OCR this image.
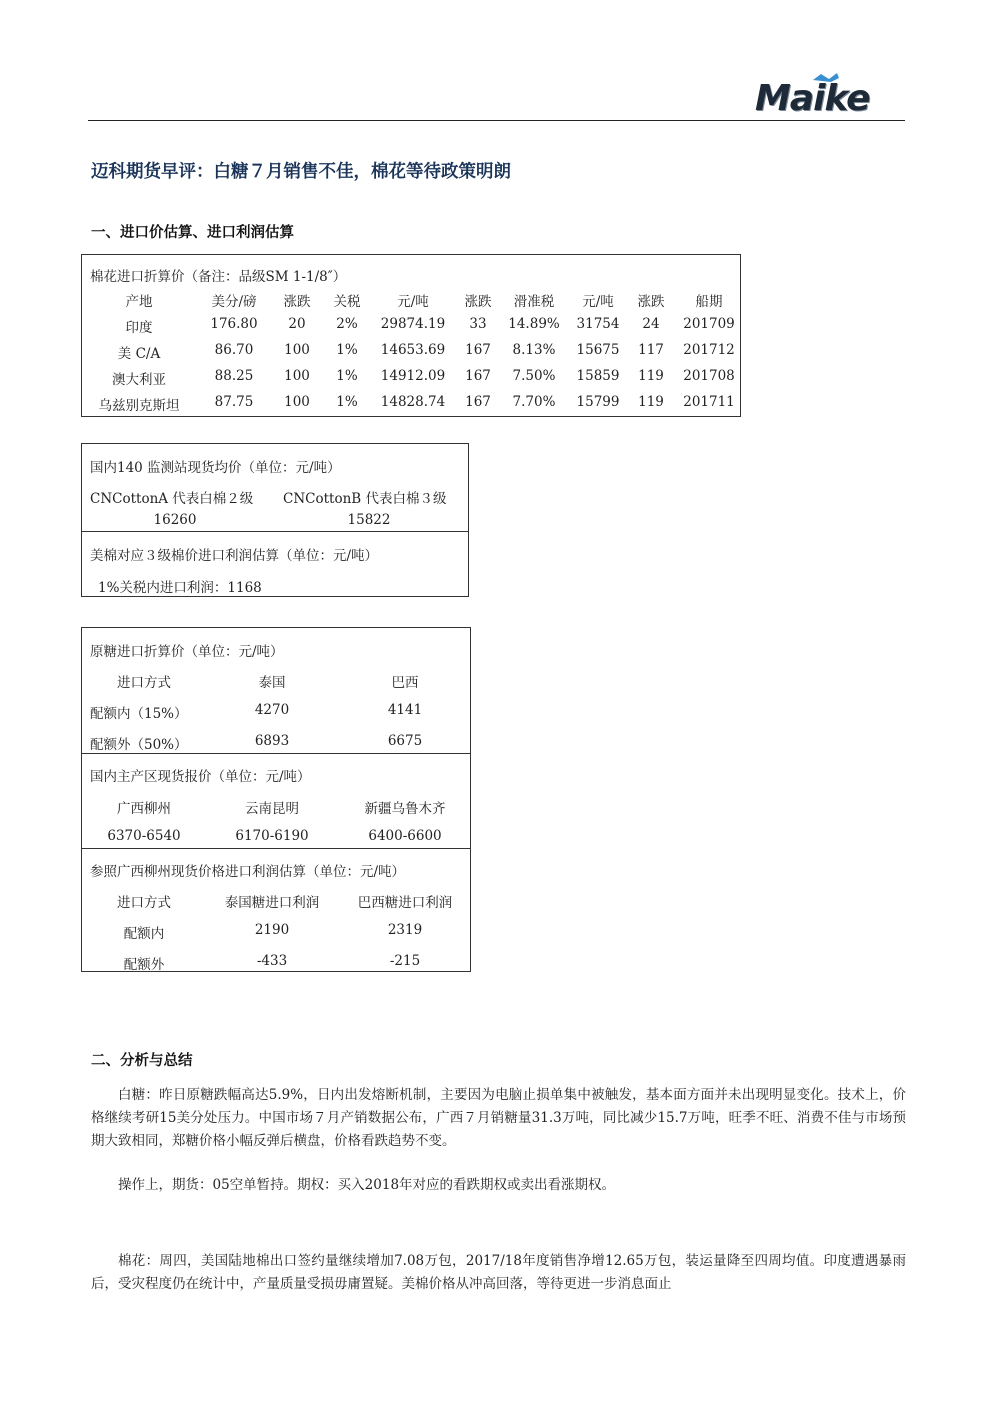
Maike
迈科期货早评：白糖７月销售不佳，棉花等待政策明朗
一、进口价估算、进口利润估算
棉花进口折算价（备注：品级SM 1-1/8″）
产地	美分/磅 涨跌 关税	元/吨	涨跌 滑准税 元/吨 涨跌 船期
印度	176.80 20 2% 29874.19 33 14.89% 31754 24 201709
美 C/A	86.70 100 1% 14653.69 167 8.13% 15675 117 201712
澳大利亚	88.25 100 1% 14912.09 167 7.50% 15859 119 201708
乌兹别克斯坦	87.75 100 1% 14828.74 167 7.70% 15799 119 201711
国内140 监测站现货均价（单位：元/吨）
CNCottonA 代表白棉２级 CNCottonB 代表白棉３级
16260	15822
美棉对应３级棉价进口利润估算（单位：元/吨）
1%关税内进口利润：1168
原糖进口折算价（单位：元/吨）
进口方式	泰国	巴西
配额内（15%）	4270	4141
配额外（50%）	6893	6675
国内主产区现货报价（单位：元/吨）
广西柳州	云南昆明	新疆乌鲁木齐
6370-6540	6170-6190	6400-6600
参照广西柳州现货价格进口利润估算（单位：元/吨）
进口方式	泰国糖进口利润	巴西糖进口利润
配额内	2190	2319
配额外	-433	-215
二、分析与总结
白糖：昨日原糖跌幅高达5.9%，日内出发熔断机制，主要因为电脑止损单集中被触发，基本面方面并未出现明显变化。技术上，价格继续考研15美分处压力。中国市场７月产销数据公布，广西７月销糖量31.3万吨，同比减少15.7万吨，旺季不旺、消费不佳与市场预期大致相同，郑糖价格小幅反弹后横盘，价格看跌趋势不变。
操作上，期货：05空单暂持。期权：买入2018年对应的看跌期权或卖出看涨期权。
棉花：周四，美国陆地棉出口签约量继续增加7.08万包，2017/18年度销售净增12.65万包，装运量降至四周均值。印度遭遇暴雨后，受灾程度仍在统计中，产量质量受损毋庸置疑。美棉价格从冲高回落，等待更进一步消息面止
